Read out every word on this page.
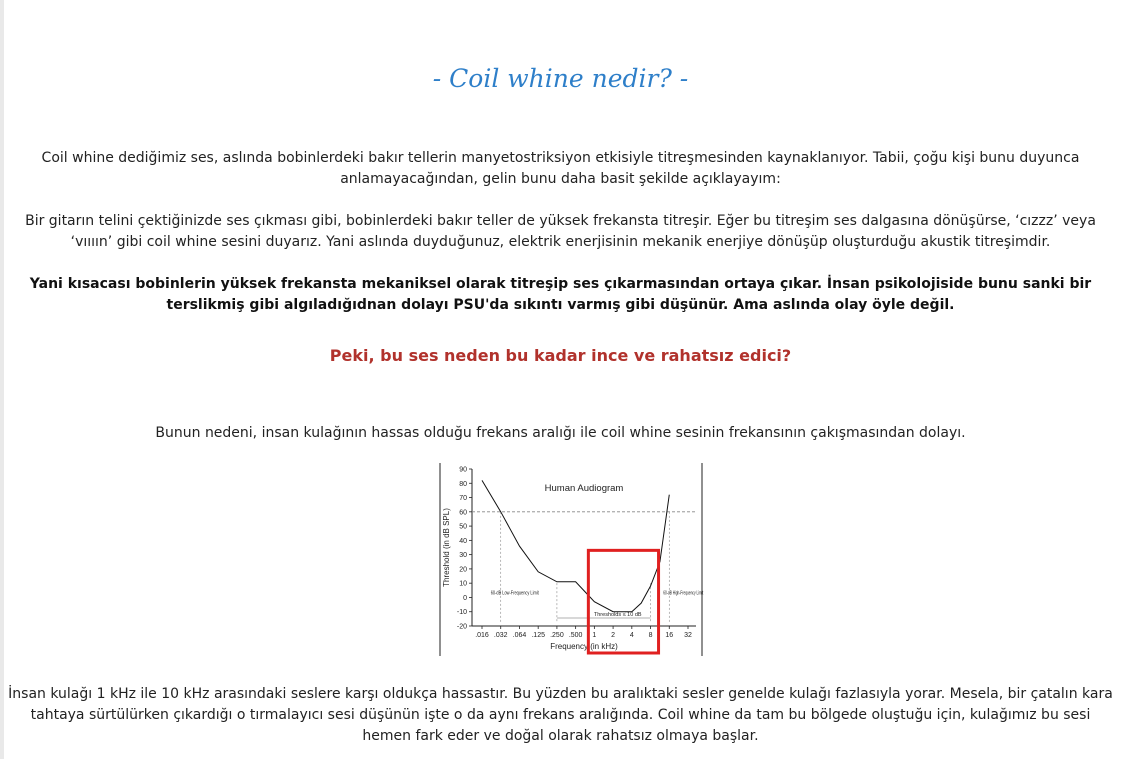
- Coil whine nedir? -
Coil whine dediğimiz ses, aslında bobinlerdeki bakır tellerin manyetostriksiyon etkisiyle titreşmesinden kaynaklanıyor. Tabii, çoğu kişi bunu duyunca anlamayacağından, gelin bunu daha basit şekilde açıklayayım:
Bir gitarın telini çektiğinizde ses çıkması gibi, bobinlerdeki bakır teller de yüksek frekansta titreşir. Eğer bu titreşim ses dalgasına dönüşürse, ‘cızzz’ veya ‘vıııın’ gibi coil whine sesini duyarız. Yani aslında duyduğunuz, elektrik enerjisinin mekanik enerjiye dönüşüp oluşturduğu akustik titreşimdir.
Yani kısacası bobinlerin yüksek frekansta mekaniksel olarak titreşip ses çıkarmasından ortaya çıkar. İnsan psikolojiside bunu sanki bir terslikmiş gibi algıladığıdnan dolayı PSU'da sıkıntı varmış gibi düşünür. Ama aslında olay öyle değil.
Peki, bu ses neden bu kadar ince ve rahatsız edici?
Bunun nedeni, insan kulağının hassas olduğu frekans aralığı ile coil whine sesinin frekansının çakışmasından dolayı.
-20
-10
0
10
20
30
40
50
60
70
80
90
.016 .032 .064 .125 .250 .500 1 2 4 8 16 32
Frequency (in kHz)
Threshold (in dB SPL)
Human Audiogram
Thresholds ≤ 10 dB
60-dB Low-Frequency Limit	60-dB High-Frequency Limit
İnsan kulağı 1 kHz ile 10 kHz arasındaki seslere karşı oldukça hassastır. Bu yüzden bu aralıktaki sesler genelde kulağı fazlasıyla yorar. Mesela, bir çatalın kara tahtaya sürtülürken çıkardığı o tırmalayıcı sesi düşünün işte o da aynı frekans aralığında. Coil whine da tam bu bölgede oluştuğu için, kulağımız bu sesi hemen fark eder ve doğal olarak rahatsız olmaya başlar.
